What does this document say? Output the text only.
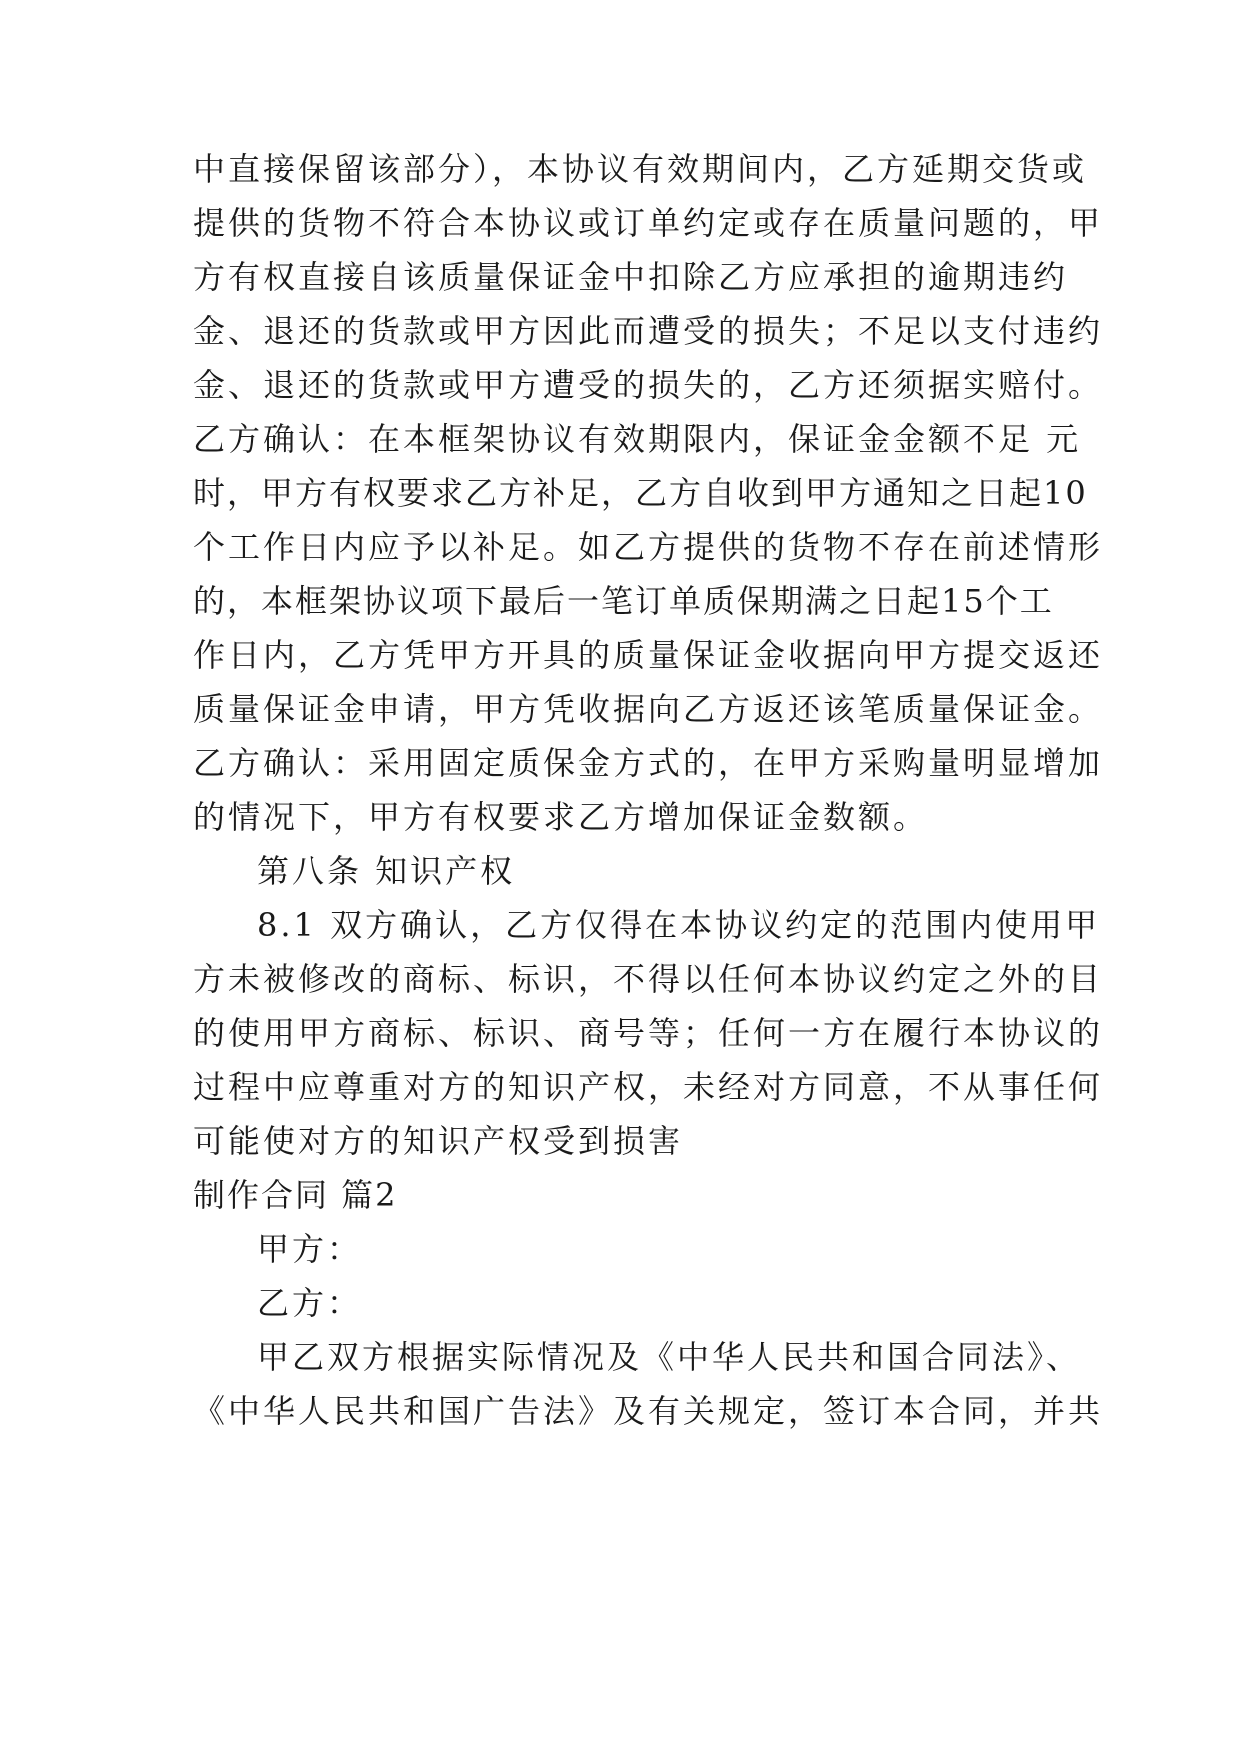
中直接保留该部分），本协议有效期间内，乙方延期交货或
提供的货物不符合本协议或订单约定或存在质量问题的，甲
方有权直接自该质量保证金中扣除乙方应承担的逾期违约
金、退还的货款或甲方因此而遭受的损失；不足以支付违约
金、退还的货款或甲方遭受的损失的，乙方还须据实赔付。
乙方确认：在本框架协议有效期限内，保证金金额不足 元
时，甲方有权要求乙方补足，乙方自收到甲方通知之日起10
个工作日内应予以补足。如乙方提供的货物不存在前述情形
的，本框架协议项下最后一笔订单质保期满之日起15个工
作日内，乙方凭甲方开具的质量保证金收据向甲方提交返还
质量保证金申请，甲方凭收据向乙方返还该笔质量保证金。
乙方确认：采用固定质保金方式的，在甲方采购量明显增加
的情况下，甲方有权要求乙方增加保证金数额。
第八条 知识产权
8.1 双方确认，乙方仅得在本协议约定的范围内使用甲
方未被修改的商标、标识，不得以任何本协议约定之外的目
的使用甲方商标、标识、商号等；任何一方在履行本协议的
过程中应尊重对方的知识产权，未经对方同意，不从事任何
可能使对方的知识产权受到损害
制作合同 篇2
甲方：
乙方：
甲乙双方根据实际情况及《中华人民共和国合同法》、
《中华人民共和国广告法》及有关规定，签订本合同，并共
